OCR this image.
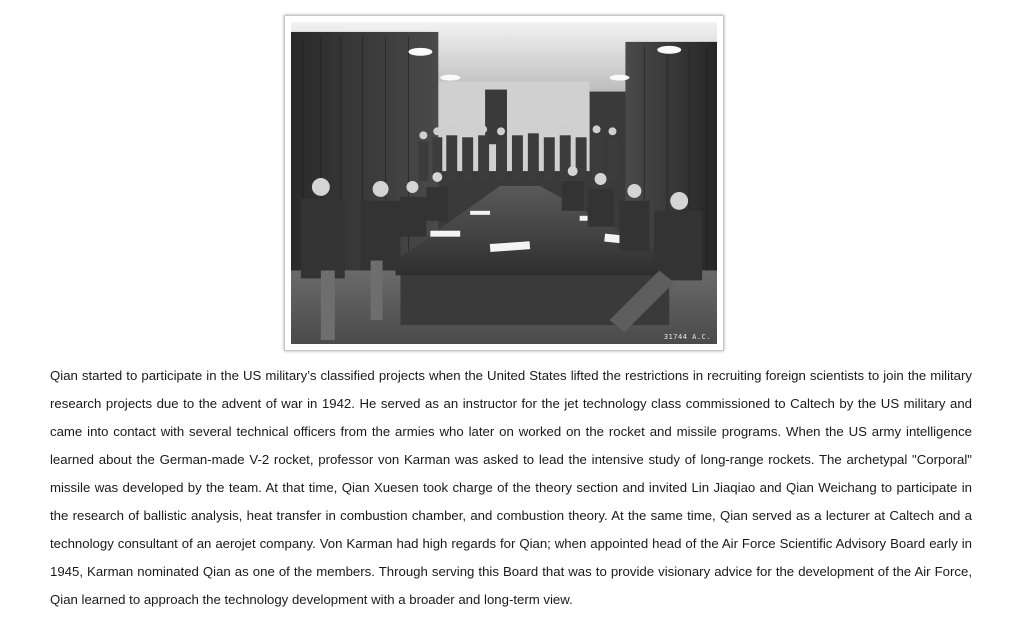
31744 A.C.

Qian started to participate in the US military’s classified projects when the United States lifted the restrictions in recruiting foreign scientists to join the military research projects due to the advent of war in 1942. He served as an instructor for the jet technology class commissioned to Caltech by the US military and came into contact with several technical officers from the armies who later on worked on the rocket and missile programs. When the US army intelligence learned about the German-made V-2 rocket, professor von Karman was asked to lead the intensive study of long-range rockets. The archetypal "Corporal" missile was developed by the team. At that time, Qian Xuesen took charge of the theory section and invited Lin Jiaqiao and Qian Weichang to participate in the research of ballistic analysis, heat transfer in combustion chamber, and combustion theory. At the same time, Qian served as a lecturer at Caltech and a technology consultant of an aerojet company. Von Karman had high regards for Qian; when appointed head of the Air Force Scientific Advisory Board early in 1945, Karman nominated Qian as one of the members. Through serving this Board that was to provide visionary advice for the development of the Air Force, Qian learned to approach the technology development with a broader and long-term view.
